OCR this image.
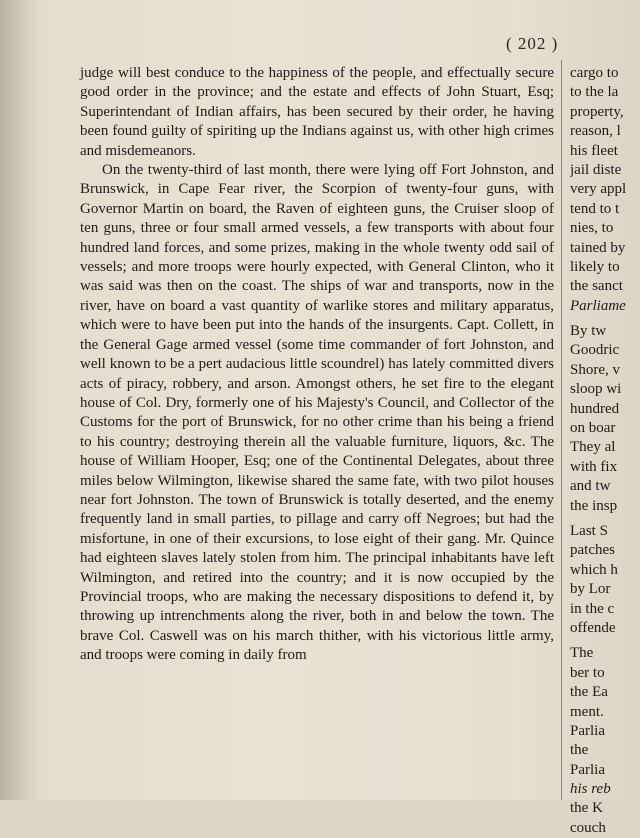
( 202 )

judge will best conduce to the happiness of the people, and effectually secure good order in the province; and the estate and effects of John Stuart, Esq; Superintendant of Indian affairs, has been secured by their order, he having been found guilty of spiriting up the Indians against us, with other high crimes and misdemeanors.

On the twenty-third of last month, there were lying off Fort Johnston, and Brunswick, in Cape Fear river, the Scorpion of twenty-four guns, with Governor Martin on board, the Raven of eighteen guns, the Cruiser sloop of ten guns, three or four small armed vessels, a few transports with about four hundred land forces, and some prizes, making in the whole twenty odd sail of vessels; and more troops were hourly expected, with General Clinton, who it was said was then on the coast. The ships of war and transports, now in the river, have on board a vast quantity of warlike stores and military apparatus, which were to have been put into the hands of the insurgents. Capt. Collett, in the General Gage armed vessel (some time commander of fort Johnston, and well known to be a pert audacious little scoundrel) has lately committed divers acts of piracy, robbery, and arson. Amongst others, he set fire to the elegant house of Col. Dry, formerly one of his Majesty's Council, and Collector of the Customs for the port of Brunswick, for no other crime than his being a friend to his country; destroying therein all the valuable furniture, liquors, &c. The house of William Hooper, Esq; one of the Continental Delegates, about three miles below Wilmington, likewise shared the same fate, with two pilot houses near fort Johnston. The town of Brunswick is totally deserted, and the enemy frequently land in small parties, to pillage and carry off Negroes; but had the misfortune, in one of their excursions, to lose eight of their gang. Mr. Quince had eighteen slaves lately stolen from him. The principal inhabitants have left Wilmington, and retired into the country; and it is now occupied by the Provincial troops, who are making the necessary dispositions to defend it, by throwing up intrenchments along the river, both in and below the town. The brave Col. Caswell was on his march thither, with his victorious little army, and troops were coming in daily from

cargo to
to the la
property,
reason, l
his fleet
jail diste
very appl
tend to t
nies, to
tained by
likely to
the sanct
Parliame
By tw
Goodric
Shore, v
sloop wi
hundred
on boar
They al
with fix
and tw
the insp
Last S
patches
which h
by Lor
in the c
offende
The
ber to
the Ea
ment.
Parlia
the
Parlia
his reb
the K
couch
